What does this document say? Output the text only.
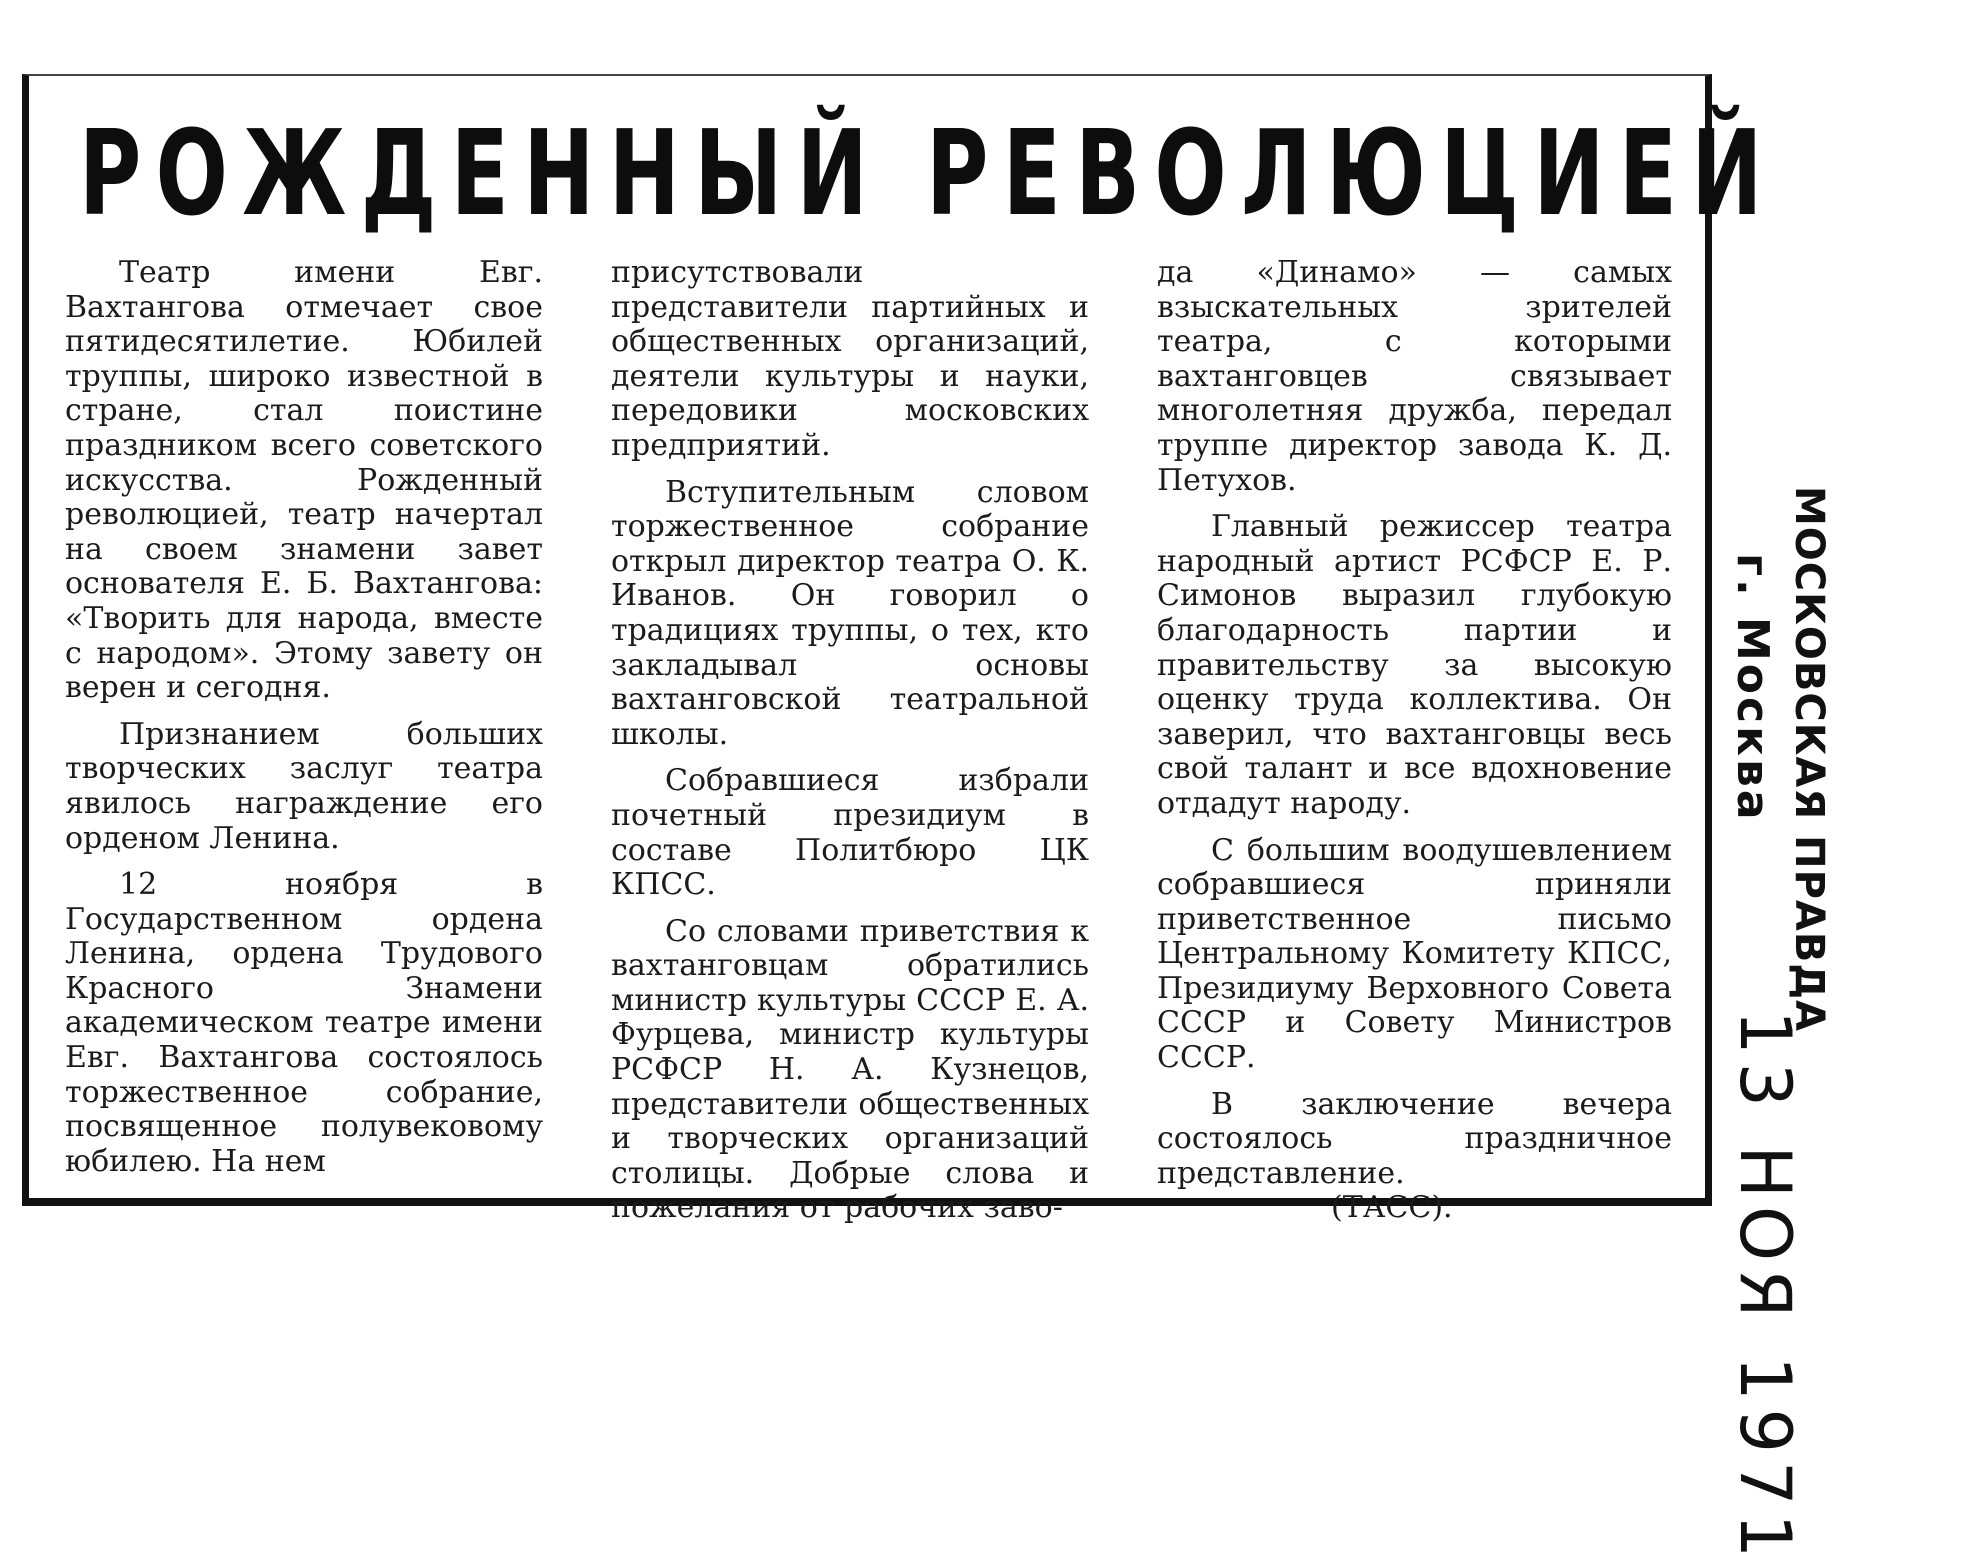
РОЖДЕННЫЙ РЕВОЛЮЦИЕЙ

Театр имени Евг. Вахтангова отмечает свое пятидесятилетие. Юбилей труппы, широко известной в стране, стал поистине праздником всего советского искусства. Рожденный революцией, театр начертал на своем знамени завет основателя Е. Б. Вахтангова: «Творить для народа, вместе с народом». Этому завету он верен и сегодня.

Признанием больших творческих заслуг театра явилось награждение его орденом Ленина.

12 ноября в Государственном ордена Ленина, ордена Трудового Красного Знамени академическом театре имени Евг. Вахтангова состоялось торжественное собрание, посвященное полувековому юбилею. На нем

присутствовали представители партийных и общественных организаций, деятели культуры и науки, передовики московских предприятий.

Вступительным словом торжественное собрание открыл директор театра О. К. Иванов. Он говорил о традициях труппы, о тех, кто закладывал основы вахтанговской театральной школы.

Собравшиеся избрали почетный президиум в составе Политбюро ЦК КПСС.

Со словами приветствия к вахтанговцам обратились министр культуры СССР Е. А. Фурцева, министр культуры РСФСР Н. А. Кузнецов, представители общественных и творческих организаций столицы. Добрые слова и пожелания от рабочих заво-

да «Динамо» — самых взыскательных зрителей театра, с которыми вахтанговцев связывает многолетняя дружба, передал труппе директор завода К. Д. Петухов.

Главный режиссер театра народный артист РСФСР Е. Р. Симонов выразил глубокую благодарность партии и правительству за высокую оценку труда коллектива. Он заверил, что вахтанговцы весь свой талант и все вдохновение отдадут народу.

С большим воодушевлением собравшиеся приняли приветственное письмо Центральному Комитету КПСС, Президиуму Верховного Совета СССР и Совету Министров СССР.

В заключение вечера состоялось праздничное представление.(ТАСС).

МОСКОВСКАЯ ПРАВДА
г. Москва
13 НОЯ 1971
